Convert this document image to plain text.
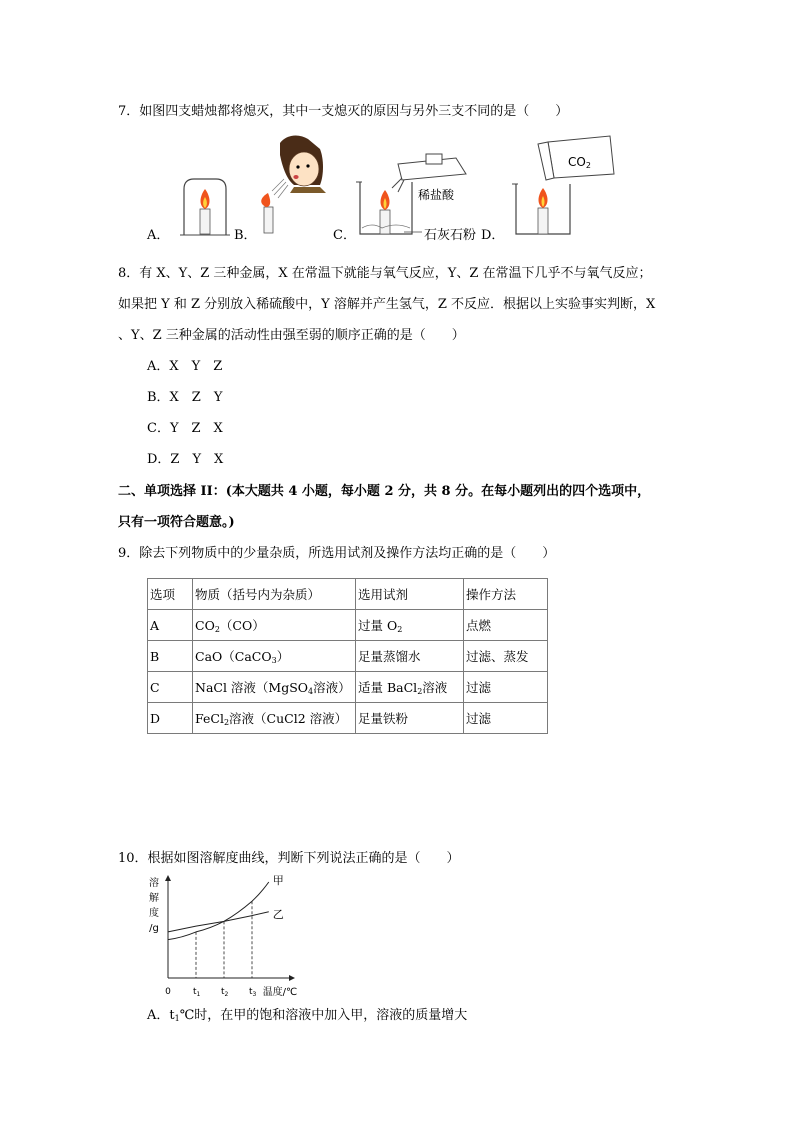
7．如图四支蜡烛都将熄灭，其中一支熄灭的原因与另外三支不同的是（　　）
A．	B．	C．	D．
稀盐酸
石灰石粉
$CO_2$
8．有 X、Y、Z 三种金属，X 在常温下就能与氧气反应，Y、Z 在常温下几乎不与氧气反应；
如果把 Y 和 Z 分别放入稀硫酸中，Y 溶解并产生氢气，Z 不反应．根据以上实验事实判断，X
、Y、Z 三种金属的活动性由强至弱的顺序正确的是（　　）
A．X　Y　Z
B．X　Z　Y
C．Y　Z　X
D．Z　Y　X
二、单项选择 II：(本大题共 4 小题，每小题 2 分，共 8 分。在每小题列出的四个选项中，
只有一项符合题意。)
9．除去下列物质中的少量杂质，所选用试剂及操作方法均正确的是（　　）
选项	物质（括号内为杂质）	选用试剂	操作方法
A	$CO_2(CO)$	过量 $O_2$	点燃
B	CaO（CaCO$_3$）	足量蒸馏水	过滤、蒸发
C	NaCl 溶液（MgSO$_4$溶液）	适量 BaCl$_2$溶液	过滤
D	FeCl$_2$溶液（CuCl2 溶液）	足量铁粉	过滤
10．根据如图溶解度曲线，判断下列说法正确的是（　　）
溶
解
度
/g
甲
乙
$t_1$ $t_2$ $t_3$
0	温度/℃
A．$t_1℃$时，在甲的饱和溶液中加入甲，溶液的质量增大
